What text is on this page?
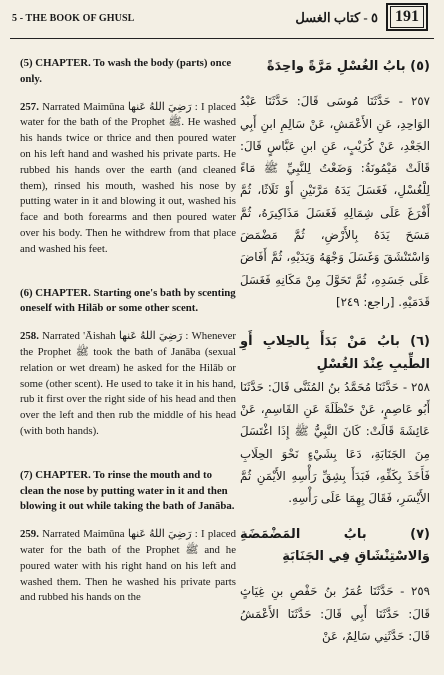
5 - THE BOOK OF GHUSL	٥ - كتاب الغسل	191

(5) CHAPTER. To wash the body (parts) once only.

257. Narrated Maimūna رَضِيَ اللهُ عَنها : I placed water for the bath of the Prophet ﷺ. He washed his hands twice or thrice and then poured water on his left hand and washed his private parts. He rubbed his hands over the earth (and cleaned them), rinsed his mouth, washed his nose by putting water in it and blowing it out, washed his face and both forearms and then poured water over his body. Then he withdrew from that place and washed his feet.

(6) CHAPTER. Starting one's bath by scenting oneself with Hilāb or some other scent.

258. Narrated 'Āishah رَضِيَ اللهُ عَنها : Whenever the Prophet ﷺ took the bath of Janāba (sexual relation or wet dream) he asked for the Hilāb or some (other scent). He used to take it in his hand, rub it first over the right side of his head and then over the left and then rub the middle of his head (with both hands).

(7) CHAPTER. To rinse the mouth and to clean the nose by putting water in it and then blowing it out while taking the bath of Janāba.

259. Narrated Maimūna رَضِيَ اللهُ عَنها : I placed water for the bath of the Prophet ﷺ and he poured water with his right hand on his left and washed them. Then he washed his private parts and rubbed his hands on the

(٥) بابُ الغُسْلِ مَرَّةً واحِدَةً
٢٥٧ - حَدَّثَنَا مُوسَى قَالَ: حَدَّثَنَا عَبْدُ الوَاحِدِ، عَنِ الأَعْمَشِ، عَنْ سَالِمِ ابنِ أَبِي الجَعْدِ، عَنْ كُرَيْبٍ، عَنِ ابنِ عَبَّاسٍ قَالَ: قَالَتْ مَيْمُونَةُ: وَضَعْتُ لِلنَّبِيِّ ﷺ مَاءً لِلْغُسْلِ، فَغَسَلَ يَدَهُ مَرَّتَيْنِ أَوْ ثَلَاثًا، ثُمَّ أَفْرَغَ عَلَى شِمَالِهِ فَغَسَلَ مَذَاكِيرَهُ، ثُمَّ مَسَحَ يَدَهُ بِالأَرْضِ، ثُمَّ مَضْمَضَ وَاسْتَنْشَقَ وَغَسَلَ وَجْهَهُ وَيَدَيْهِ، ثُمَّ أَفَاضَ عَلَى جَسَدِهِ، ثُمَّ تَحَوَّلَ مِنْ مَكَانِهِ فَغَسَلَ قَدَمَيْهِ. [راجع: ٢٤٩]
(٦) بابُ مَنْ بَدَأَ بِالحِلابِ أَوِ الطِّيبِ عِنْدَ الغُسْلِ
٢٥٨ - حَدَّثَنَا مُحَمَّدُ بنُ المُثَنَّى قَالَ: حَدَّثَنَا أَبُو عَاصِمٍ، عَنْ حَنْظَلَةَ عَنِ القَاسِمِ، عَنْ عَائِشَةَ قَالَتْ: كَانَ النَّبِيُّ ﷺ إِذَا اغْتَسَلَ مِنَ الجَنَابَةِ، دَعَا بِشَيْءٍ نَحْوَ الحِلَابِ فَأَخَذَ بِكَفِّهِ، فَبَدَأَ بِشِقِّ رَأْسِهِ الأَيْمَنِ ثُمَّ الأَيْسَرِ، فَقَالَ بِهِمَا عَلَى رَأْسِهِ.
(٧) بابُ المَضْمَضَةِ وَالاسْتِنْشَاقِ فِي الجَنَابَةِ
٢٥٩ - حَدَّثَنَا عُمَرُ بنُ حَفْصِ بنِ غِيَاثٍ قَالَ: حَدَّثَنَا أَبِي قَالَ: حَدَّثَنَا الأَعْمَشُ قَالَ: حَدَّثَنِي سَالِمٌ، عَنْ
